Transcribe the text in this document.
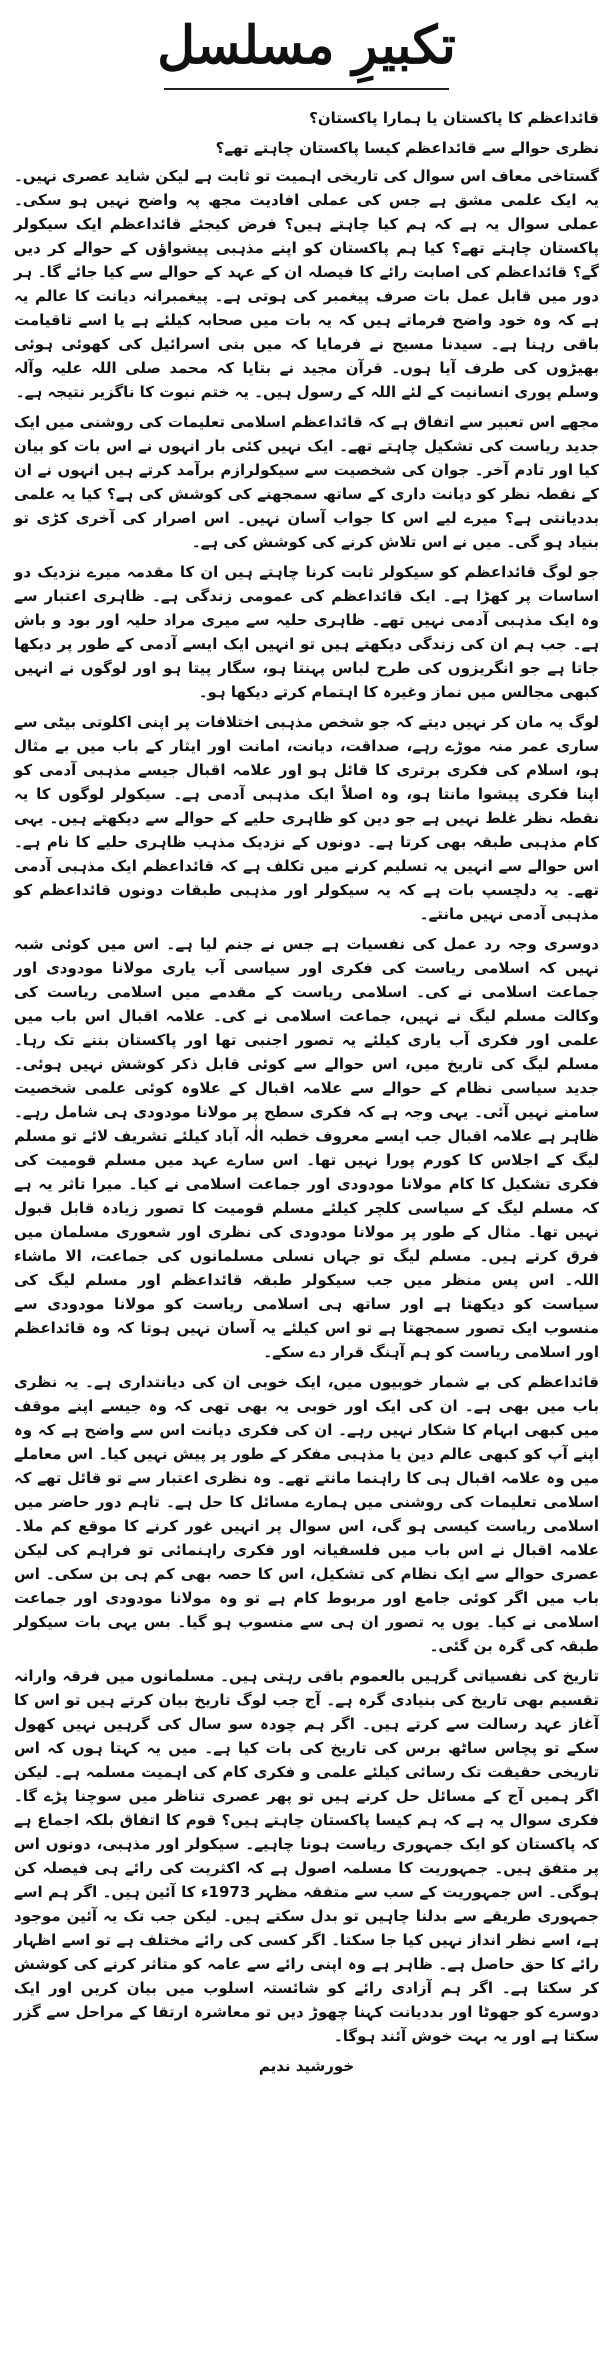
تکبیرِ مسلسل

قائداعظم کا پاکستان یا ہمارا پاکستان؟

نظری حوالے سے قائداعظم کیسا پاکستان چاہتے تھے؟

گستاخی معاف اس سوال کی تاریخی اہمیت تو ثابت ہے لیکن شاید عصری نہیں۔ یہ ایک علمی مشق ہے جس کی عملی افادیت مجھ پہ واضح نہیں ہو سکی۔ عملی سوال یہ ہے کہ ہم کیا چاہتے ہیں؟ فرض کیجئے قائداعظم ایک سیکولر پاکستان چاہتے تھے؟ کیا ہم پاکستان کو اپنے مذہبی پیشواؤں کے حوالے کر دیں گے؟ قائداعظم کی اصابت رائے کا فیصلہ ان کے عہد کے حوالے سے کیا جائے گا۔ ہر دور میں قابل عمل بات صرف پیغمبر کی ہوتی ہے۔ پیغمبرانہ دیانت کا عالم یہ ہے کہ وہ خود واضح فرماتے ہیں کہ یہ بات میں صحابہ کیلئے ہے یا اسے تاقیامت باقی رہنا ہے۔ سیدنا مسیح نے فرمایا کہ میں بنی اسرائیل کی کھوئی ہوئی بھیڑوں کی طرف آیا ہوں۔ قرآن مجید نے بتایا کہ محمد صلی اللہ علیہ وآلہ وسلم پوری انسانیت کے لئے اللہ کے رسول ہیں۔ یہ ختم نبوت کا ناگزیر نتیجہ ہے۔

مجھے اس تعبیر سے اتفاق ہے کہ قائداعظم اسلامی تعلیمات کی روشنی میں ایک جدید ریاست کی تشکیل چاہتے تھے۔ ایک نہیں کئی بار انہوں نے اس بات کو بیان کیا اور تادم آخر۔ جوان کی شخصیت سے سیکولرازم برآمد کرتے ہیں انہوں نے ان کے نقطہ نظر کو دیانت داری کے ساتھ سمجھنے کی کوشش کی ہے؟ کیا یہ علمی بددیانتی ہے؟ میرے لیے اس کا جواب آسان نہیں۔ اس اصرار کی آخری کڑی تو بنیاد ہو گی۔ میں نے اس تلاش کرنے کی کوشش کی ہے۔

جو لوگ قائداعظم کو سیکولر ثابت کرنا چاہتے ہیں ان کا مقدمہ میرے نزدیک دو اساسات پر کھڑا ہے۔ ایک قائداعظم کی عمومی زندگی ہے۔ ظاہری اعتبار سے وہ ایک مذہبی آدمی نہیں تھے۔ ظاہری حلیہ سے میری مراد حلیہ اور بود و باش ہے۔ جب ہم ان کی زندگی دیکھتے ہیں تو انہیں ایک ایسے آدمی کے طور پر دیکھا جاتا ہے جو انگریزوں کی طرح لباس پہنتا ہو، سگار پیتا ہو اور لوگوں نے انہیں کبھی مجالس میں نماز وغیرہ کا اہتمام کرتے دیکھا ہو۔

لوگ یہ مان کر نہیں دیتے کہ جو شخص مذہبی اختلافات پر اپنی اکلوتی بیٹی سے ساری عمر منہ موڑے رہے، صداقت، دیانت، امانت اور ایثار کے باب میں بے مثال ہو، اسلام کی فکری برتری کا قائل ہو اور علامہ اقبال جیسے مذہبی آدمی کو اپنا فکری پیشوا مانتا ہو، وہ اصلاً ایک مذہبی آدمی ہے۔ سیکولر لوگوں کا یہ نقطہ نظر غلط نہیں ہے جو دین کو ظاہری حلیے کے حوالے سے دیکھتے ہیں۔ یہی کام مذہبی طبقہ بھی کرتا ہے۔ دونوں کے نزدیک مذہب ظاہری حلیے کا نام ہے۔ اس حوالے سے انہیں یہ تسلیم کرنے میں تکلف ہے کہ قائداعظم ایک مذہبی آدمی تھے۔ یہ دلچسپ بات ہے کہ یہ سیکولر اور مذہبی طبقات دونوں قائداعظم کو مذہبی آدمی نہیں مانتے۔

دوسری وجہ رد عمل کی نفسیات ہے جس نے جنم لیا ہے۔ اس میں کوئی شبہ نہیں کہ اسلامی ریاست کی فکری اور سیاسی آب یاری مولانا مودودی اور جماعت اسلامی نے کی۔ اسلامی ریاست کے مقدمے میں اسلامی ریاست کی وکالت مسلم لیگ نے نہیں، جماعت اسلامی نے کی۔ علامہ اقبال اس باب میں علمی اور فکری آب یاری کیلئے یہ تصور اجنبی تھا اور پاکستان بننے تک رہا۔ مسلم لیگ کی تاریخ میں، اس حوالے سے کوئی قابل ذکر کوشش نہیں ہوئی۔ جدید سیاسی نظام کے حوالے سے علامہ اقبال کے علاوہ کوئی علمی شخصیت سامنے نہیں آئی۔ یہی وجہ ہے کہ فکری سطح پر مولانا مودودی ہی شامل رہے۔ ظاہر ہے علامہ اقبال جب ایسے معروف خطبہ الٰہ آباد کیلئے تشریف لائے تو مسلم لیگ کے اجلاس کا کورم پورا نہیں تھا۔ اس سارے عہد میں مسلم قومیت کی فکری تشکیل کا کام مولانا مودودی اور جماعت اسلامی نے کیا۔ میرا تاثر یہ ہے کہ مسلم لیگ کے سیاسی کلچر کیلئے مسلم قومیت کا تصور زیادہ قابل قبول نہیں تھا۔ مثال کے طور پر مولانا مودودی کی نظری اور شعوری مسلمان میں فرق کرتے ہیں۔ مسلم لیگ تو جہاں نسلی مسلمانوں کی جماعت، الا ماشاء اللہ۔ اس پس منظر میں جب سیکولر طبقہ قائداعظم اور مسلم لیگ کی سیاست کو دیکھتا ہے اور ساتھ ہی اسلامی ریاست کو مولانا مودودی سے منسوب ایک تصور سمجھتا ہے تو اس کیلئے یہ آسان نہیں ہوتا کہ وہ قائداعظم اور اسلامی ریاست کو ہم آہنگ قرار دے سکے۔

قائداعظم کی بے شمار خوبیوں میں، ایک خوبی ان کی دیانتداری ہے۔ یہ نظری باب میں بھی ہے۔ ان کی ایک اور خوبی یہ بھی تھی کہ وہ جیسے اپنے موقف میں کبھی ابہام کا شکار نہیں رہے۔ ان کی فکری دیانت اس سے واضح ہے کہ وہ اپنے آپ کو کبھی عالم دین یا مذہبی مفکر کے طور پر پیش نہیں کیا۔ اس معاملے میں وہ علامہ اقبال ہی کا راہنما مانتے تھے۔ وہ نظری اعتبار سے تو قائل تھے کہ اسلامی تعلیمات کی روشنی میں ہمارے مسائل کا حل ہے۔ تاہم دور حاضر میں اسلامی ریاست کیسی ہو گی، اس سوال پر انہیں غور کرنے کا موقع کم ملا۔ علامہ اقبال نے اس باب میں فلسفیانہ اور فکری راہنمائی تو فراہم کی لیکن عصری حوالے سے ایک نظام کی تشکیل، اس کا حصہ بھی کم ہی بن سکی۔ اس باب میں اگر کوئی جامع اور مربوط کام ہے تو وہ مولانا مودودی اور جماعت اسلامی نے کیا۔ یوں یہ تصور ان ہی سے منسوب ہو گیا۔ بس یہی بات سیکولر طبقہ کی گرہ بن گئی۔

تاریخ کی نفسیاتی گرہیں بالعموم باقی رہتی ہیں۔ مسلمانوں میں فرقہ وارانہ تقسیم بھی تاریخ کی بنیادی گرہ ہے۔ آج جب لوگ تاریخ بیان کرتے ہیں تو اس کا آغاز عہد رسالت سے کرتے ہیں۔ اگر ہم چودہ سو سال کی گرہیں نہیں کھول سکے تو پچاس ساٹھ برس کی تاریخ کی بات کیا ہے۔ میں یہ کہتا ہوں کہ اس تاریخی حقیقت تک رسائی کیلئے علمی و فکری کام کی اہمیت مسلمہ ہے۔ لیکن اگر ہمیں آج کے مسائل حل کرنے ہیں تو پھر عصری تناظر میں سوچنا پڑے گا۔ فکری سوال یہ ہے کہ ہم کیسا پاکستان چاہتے ہیں؟ قوم کا اتفاق بلکہ اجماع ہے کہ پاکستان کو ایک جمہوری ریاست ہونا چاہیے۔ سیکولر اور مذہبی، دونوں اس پر متفق ہیں۔ جمہوریت کا مسلمہ اصول ہے کہ اکثریت کی رائے ہی فیصلہ کن ہوگی۔ اس جمہوریت کے سب سے متفقہ مظہر 1973ء کا آئین ہیں۔ اگر ہم اسے جمہوری طریقے سے بدلنا چاہیں تو بدل سکتے ہیں۔ لیکن جب تک یہ آئین موجود ہے، اسے نظر انداز نہیں کیا جا سکتا۔ اگر کسی کی رائے مختلف ہے تو اسے اظہار رائے کا حق حاصل ہے۔ ظاہر ہے وہ اپنی رائے سے عامہ کو متاثر کرنے کی کوشش کر سکتا ہے۔ اگر ہم آزادی رائے کو شائستہ اسلوب میں بیان کریں اور ایک دوسرے کو جھوٹا اور بددیانت کہنا چھوڑ دیں تو معاشرہ ارتقا کے مراحل سے گزر سکتا ہے اور یہ بہت خوش آئند ہوگا۔

خورشید ندیم
